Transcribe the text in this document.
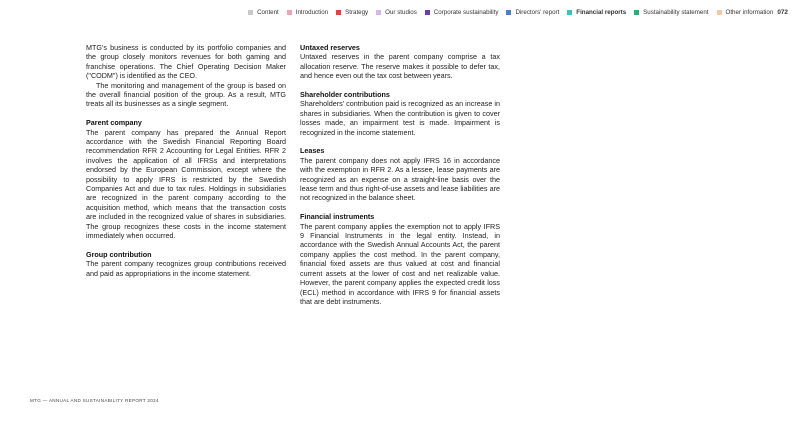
Content	Introduction	Strategy	Our studios	Corporate sustainability	Directors' report	Financial reports	Sustainability statement	Other information 072

MTG's business is conducted by its portfolio companies and the group closely monitors revenues for both gaming and franchise operations. The Chief Operating Decision Maker ("CODM") is identified as the CEO.

The monitoring and management of the group is based on the overall financial position of the group. As a result, MTG treats all its businesses as a single segment.

Parent company

The parent company has prepared the Annual Report accordance with the Swedish Financial Reporting Board recommendation RFR 2 Accounting for Legal Entities. RFR 2 involves the application of all IFRSs and interpretations endorsed by the European Commission, except where the possibility to apply IFRS is restricted by the Swedish Companies Act and due to tax rules. Holdings in subsidiaries are recognized in the parent company according to the acquisition method, which means that the transaction costs are included in the recognized value of shares in subsidiaries. The group recognizes these costs in the income statement immediately when occurred.

Group contribution

The parent company recognizes group contributions received and paid as appropriations in the income statement.

Untaxed reserves

Untaxed reserves in the parent company comprise a tax allocation reserve. The reserve makes it possible to defer tax, and hence even out the tax cost between years.

Shareholder contributions

Shareholders' contribution paid is recognized as an increase in shares in subsidiaries. When the contribution is given to cover losses made, an impairment test is made. Impairment is recognized in the income statement.

Leases

The parent company does not apply IFRS 16 in accordance with the exemption in RFR 2. As a lessee, lease payments are recognized as an expense on a straight-line basis over the lease term and thus right-of-use assets and lease liabilities are not recognized in the balance sheet.

Financial instruments

The parent company applies the exemption not to apply IFRS 9 Financial Instruments in the legal entity. Instead, in accordance with the Swedish Annual Accounts Act, the parent company applies the cost method. In the parent company, financial fixed assets are thus valued at cost and financial current assets at the lower of cost and net realizable value. However, the parent company applies the expected credit loss (ECL) method in accordance with IFRS 9 for financial assets that are debt instruments.

MTG — ANNUAL AND SUSTAINABILITY REPORT 2024
